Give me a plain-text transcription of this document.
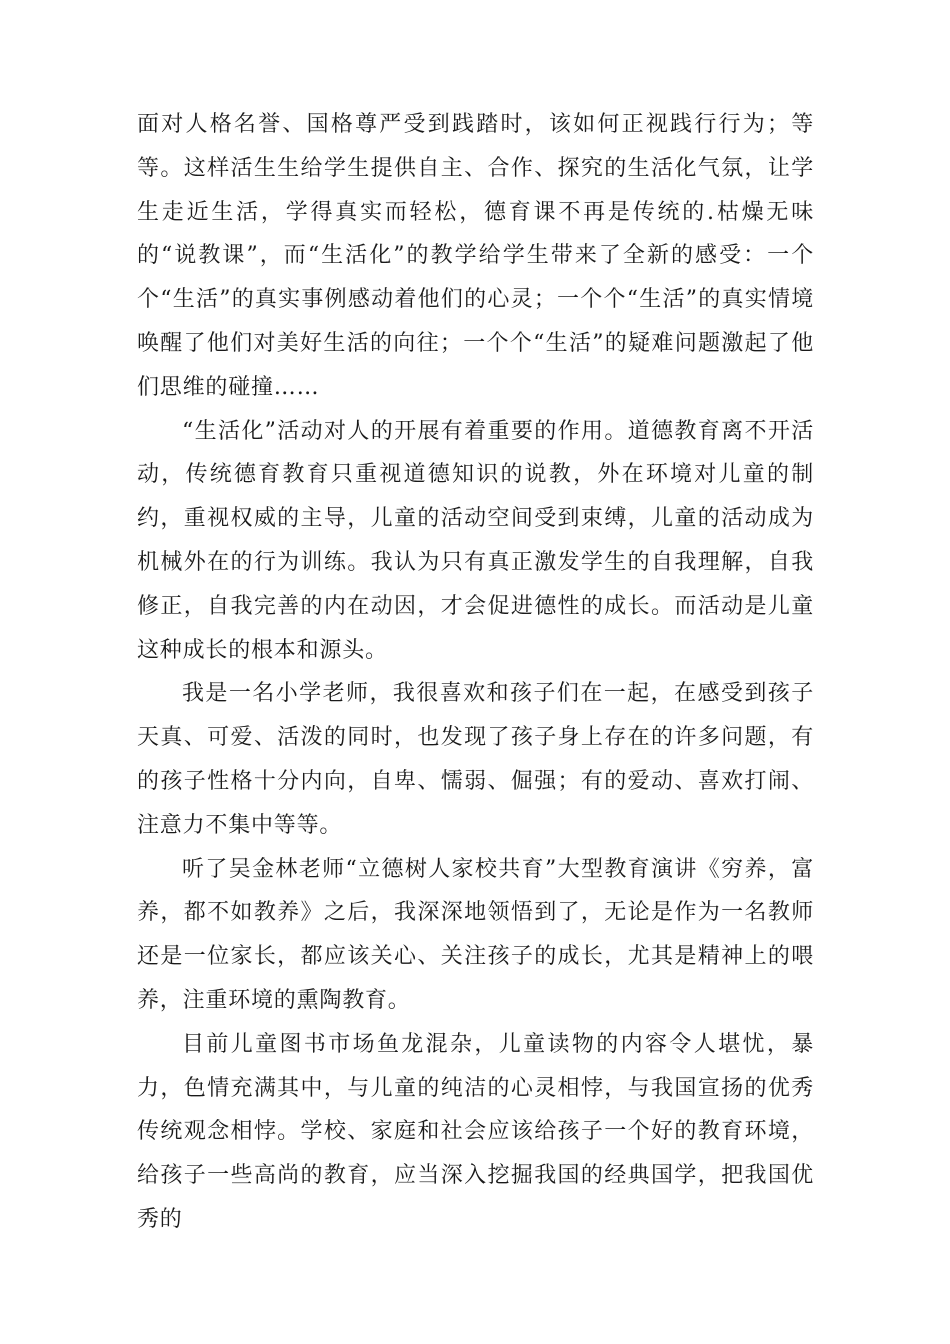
面对人格名誉、国格尊严受到践踏时，该如何正视践行行为；等等。这样活生生给学生提供自主、合作、探究的生活化气氛，让学生走近生活，学得真实而轻松，德育课不再是传统的.枯燥无味的“说教课”，而“生活化”的教学给学生带来了全新的感受：一个个“生活”的真实事例感动着他们的心灵；一个个“生活”的真实情境唤醒了他们对美好生活的向往；一个个“生活”的疑难问题激起了他们思维的碰撞……

“生活化”活动对人的开展有着重要的作用。道德教育离不开活动，传统德育教育只重视道德知识的说教，外在环境对儿童的制约，重视权威的主导，儿童的活动空间受到束缚，儿童的活动成为机械外在的行为训练。我认为只有真正激发学生的自我理解，自我修正，自我完善的内在动因，才会促进德性的成长。而活动是儿童这种成长的根本和源头。

我是一名小学老师，我很喜欢和孩子们在一起，在感受到孩子天真、可爱、活泼的同时，也发现了孩子身上存在的许多问题，有的孩子性格十分内向，自卑、懦弱、倔强；有的爱动、喜欢打闹、注意力不集中等等。

听了吴金林老师“立德树人家校共育”大型教育演讲《穷养，富养，都不如教养》之后，我深深地领悟到了，无论是作为一名教师还是一位家长，都应该关心、关注孩子的成长，尤其是精神上的喂养，注重环境的熏陶教育。

目前儿童图书市场鱼龙混杂，儿童读物的内容令人堪忧，暴力，色情充满其中，与儿童的纯洁的心灵相悖，与我国宣扬的优秀传统观念相悖。学校、家庭和社会应该给孩子一个好的教育环境，给孩子一些高尚的教育，应当深入挖掘我国的经典国学，把我国优秀的
